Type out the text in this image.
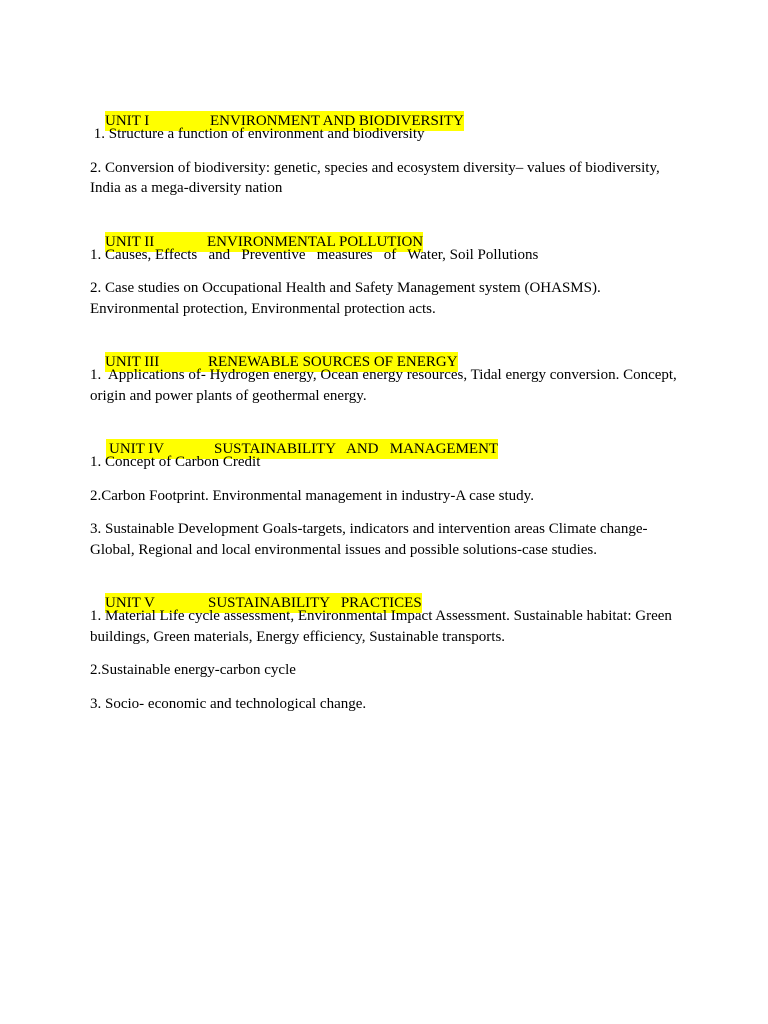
UNIT I	ENVIRONMENT AND BIODIVERSITY

1. Structure a function of environment and biodiversity
2. Conversion of biodiversity: genetic, species and ecosystem diversity– values of biodiversity, India as a mega-diversity nation

UNIT II	ENVIRONMENTAL POLLUTION

1. Causes, Effects   and   Preventive   measures   of   Water, Soil Pollutions
2. Case studies on Occupational Health and Safety Management system (OHASMS). Environmental protection, Environmental protection acts.

UNIT III	RENEWABLE SOURCES OF ENERGY

1.  Applications of- Hydrogen energy, Ocean energy resources, Tidal energy conversion. Concept, origin and power plants of geothermal energy.

UNIT IV	SUSTAINABILITY   AND   MANAGEMENT

1. Concept of Carbon Credit
2.Carbon Footprint. Environmental management in industry-A case study.
3. Sustainable Development Goals-targets, indicators and intervention areas Climate change- Global, Regional and local environmental issues and possible solutions-case studies.

UNIT V	SUSTAINABILITY   PRACTICES

1. Material Life cycle assessment, Environmental Impact Assessment. Sustainable habitat: Green buildings, Green materials, Energy efficiency, Sustainable transports.
2.Sustainable energy-carbon cycle
3. Socio- economic and technological change.
